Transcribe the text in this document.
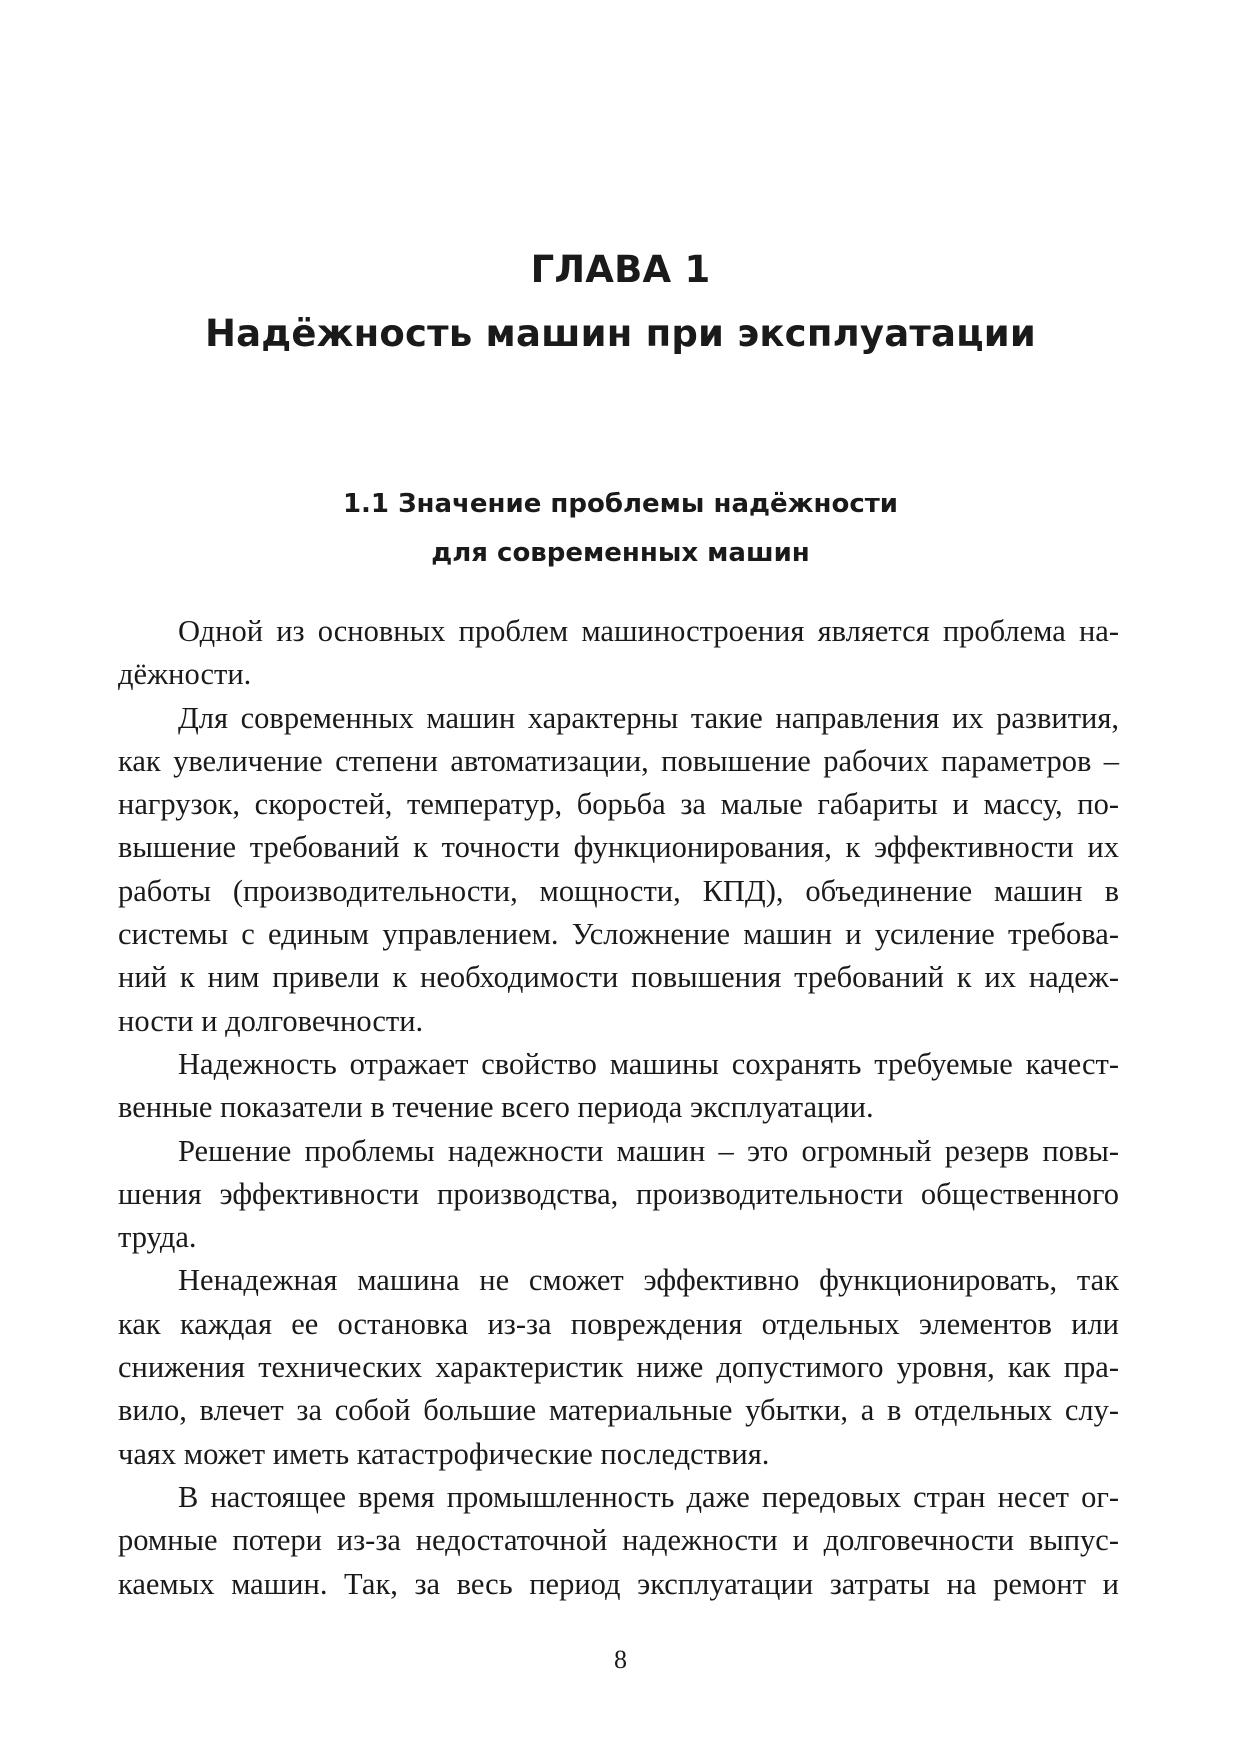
ГЛАВА 1
Надёжность машин при эксплуатации
1.1 Значение проблемы надёжности
для современных машин
Одной из основных проблем машиностроения является проблема на-
дёжности.
Для современных машин характерны такие направления их развития,
как увеличение степени автоматизации, повышение рабочих параметров –
нагрузок, скоростей, температур, борьба за малые габариты и массу, по-
вышение требований к точности функционирования, к эффективности их
работы (производительности, мощности, КПД), объединение машин в
системы с единым управлением. Усложнение машин и усиление требова-
ний к ним привели к необходимости повышения требований к их надеж-
ности и долговечности.
Надежность отражает свойство машины сохранять требуемые качест-
венные показатели в течение всего периода эксплуатации.
Решение проблемы надежности машин – это огромный резерв повы-
шения эффективности производства, производительности общественного
труда.
Ненадежная машина не сможет эффективно функционировать, так
как каждая ее остановка из-за повреждения отдельных элементов или
снижения технических характеристик ниже допустимого уровня, как пра-
вило, влечет за собой большие материальные убытки, а в отдельных слу-
чаях может иметь катастрофические последствия.
В настоящее время промышленность даже передовых стран несет ог-
ромные потери из-за недостаточной надежности и долговечности выпус-
каемых машин. Так, за весь период эксплуатации затраты на ремонт и
8
